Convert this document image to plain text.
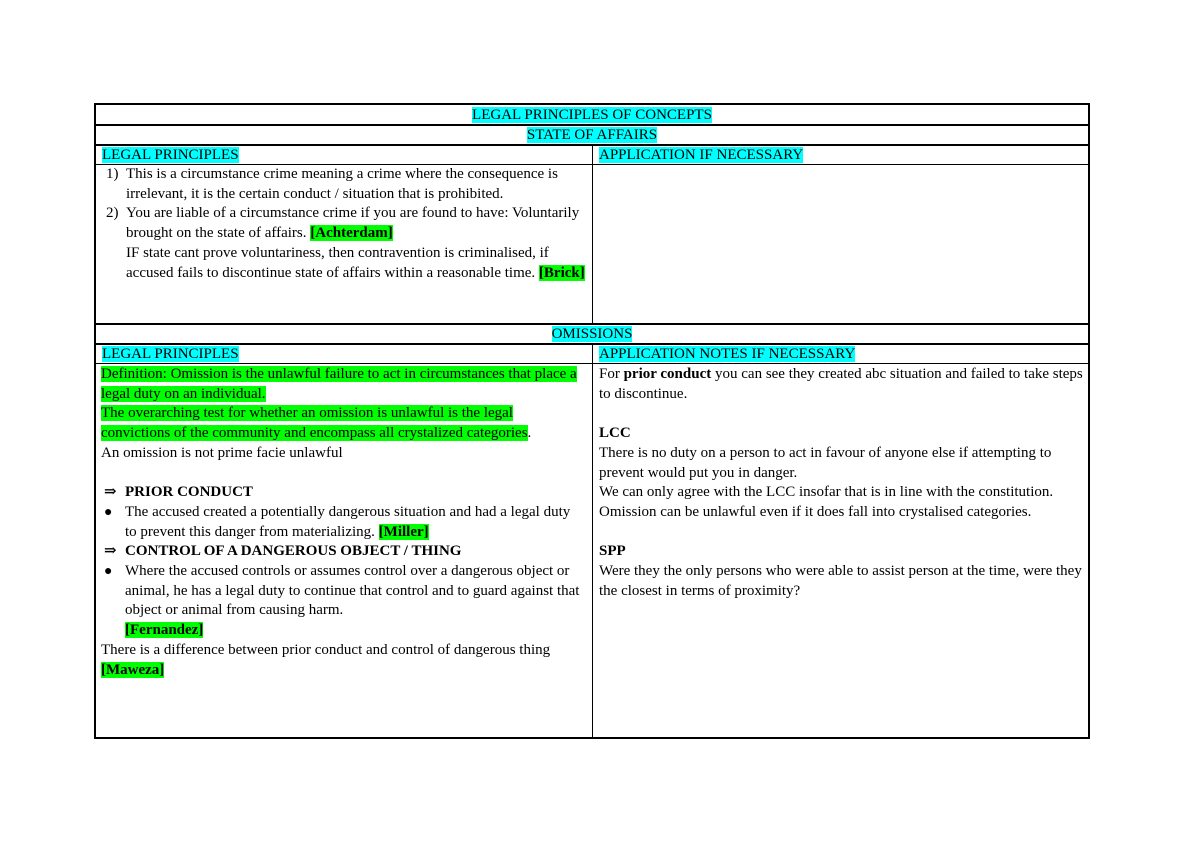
LEGAL PRINCIPLES OF CONCEPTS
STATE OF AFFAIRS
LEGAL PRINCIPLES	APPLICATION IF NECESSARY
1) This is a circumstance crime meaning a crime where the consequence is irrelevant, it is the certain conduct / situation that is prohibited.
2) You are liable of a circumstance crime if you are found to have: Voluntarily brought on the state of affairs. [Achterdam]
IF state cant prove voluntariness, then contravention is criminalised, if accused fails to discontinue state of affairs within a reasonable time. [Brick]
OMISSIONS
LEGAL PRINCIPLES	APPLICATION NOTES IF NECESSARY
Definition: Omission is the unlawful failure to act in circumstances that place a legal duty on an individual.
The overarching test for whether an omission is unlawful is the legal convictions of the community and encompass all crystalized categories.
An omission is not prime facie unlawful
⇒ PRIOR CONDUCT
● The accused created a potentially dangerous situation and had a legal duty to prevent this danger from materializing. [Miller]
⇒ CONTROL OF A DANGEROUS OBJECT / THING
● Where the accused controls or assumes control over a dangerous object or animal, he has a legal duty to continue that control and to guard against that object or animal from causing harm.
[Fernandez]
There is a difference between prior conduct and control of dangerous thing [Maweza]
For prior conduct you can see they created abc situation and failed to take steps to discontinue.
LCC
There is no duty on a person to act in favour of anyone else if attempting to prevent would put you in danger.
We can only agree with the LCC insofar that is in line with the constitution.
Omission can be unlawful even if it does fall into crystalised categories.
SPP
Were they the only persons who were able to assist person at the time, were they the closest in terms of proximity?
